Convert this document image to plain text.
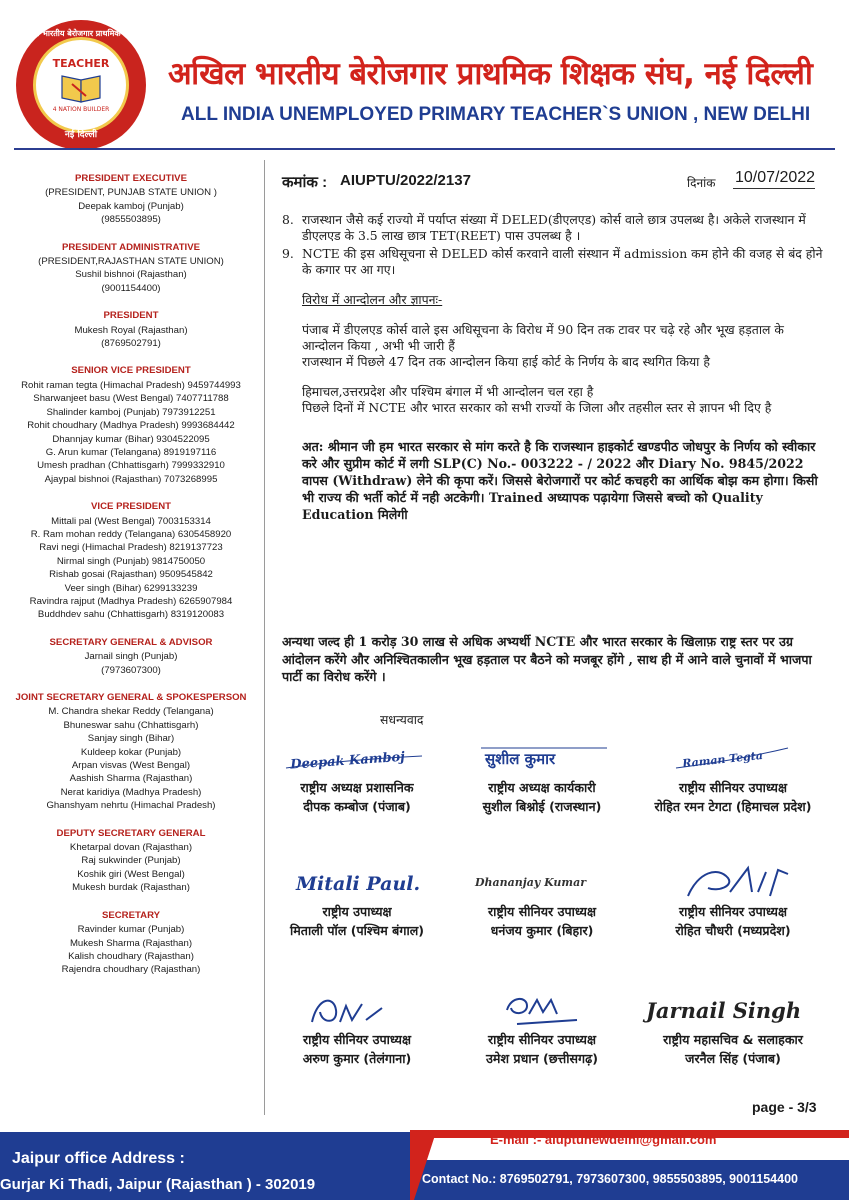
अखिल भारतीय बेरोजगार प्राथमिक शिक्षक संघ
TEACHER
4 NATION BUILDER
नई दिल्ली
अखिल भारतीय बेरोजगार प्राथमिक शिक्षक संघ, नई दिल्ली
ALL INDIA UNEMPLOYED PRIMARY TEACHER`S UNION , NEW DELHI
PRESIDENT EXECUTIVE
(PRESIDENT, PUNJAB STATE UNION )
Deepak kamboj (Punjab)
(9855503895)
PRESIDENT ADMINISTRATIVE
(PRESIDENT,RAJASTHAN STATE UNION)
Sushil bishnoi (Rajasthan)
(9001154400)
PRESIDENT
Mukesh Royal (Rajasthan)
(8769502791)
SENIOR VICE PRESIDENT
Rohit raman tegta (Himachal Pradesh) 9459744993
Sharwanjeet basu (West Bengal) 7407711788
Shalinder kamboj (Punjab) 7973912251
Rohit choudhary (Madhya Pradesh) 9993684442
Dhannjay kumar (Bihar) 9304522095
G. Arun kumar (Telangana) 8919197116
Umesh pradhan (Chhattisgarh) 7999332910
Ajaypal bishnoi (Rajasthan) 7073268995
VICE PRESIDENT
Mittali pal (West Bengal) 7003153314
R. Ram mohan reddy (Telangana) 6305458920
Ravi negi (Himachal Pradesh) 8219137723
Nirmal singh (Punjab) 9814750050
Rishab gosai (Rajasthan) 9509545842
Veer singh (Bihar) 6299133239
Ravindra rajput (Madhya Pradesh) 6265907984
Buddhdev sahu (Chhattisgarh) 8319120083
SECRETARY GENERAL & ADVISOR
Jarnail singh (Punjab)
(7973607300)
JOINT SECRETARY GENERAL & SPOKESPERSON
M. Chandra shekar Reddy (Telangana)
Bhuneswar sahu (Chhattisgarh)
Sanjay singh (Bihar)
Kuldeep kokar (Punjab)
Arpan visvas (West Bengal)
Aashish Sharma (Rajasthan)
Nerat karidiya (Madhya Pradesh)
Ghanshyam nehrtu (Himachal Pradesh)
DEPUTY SECRETARY GENERAL
Khetarpal dovan (Rajasthan)
Raj sukwinder (Punjab)
Koshik giri (West Bengal)
Mukesh burdak (Rajasthan)
SECRETARY
Ravinder kumar (Punjab)
Mukesh Sharma (Rajasthan)
Kalish choudhary (Rajasthan)
Rajendra choudhary (Rajasthan)
कमांक : AIUPTU/2022/2137	दिनांक 10/07/2022
8. राजस्थान जैसे कई राज्यो में पर्याप्त संख्या में DELED(डीएलएड) कोर्स वाले छात्र उपलब्ध है। अकेले राजस्थान में डीएलएड के 3.5 लाख छात्र TET(REET) पास उपलब्ध है ।
9. NCTE की इस अधिसूचना से DELED कोर्स करवाने वाली संस्थान में admission कम होने की वजह से बंद होने के कगार पर आ गए।
विरोध में आन्दोलन और ज्ञापनः-
पंजाब में डीएलएड कोर्स वाले इस अधिसूचना के विरोध में 90 दिन तक टावर पर चढ़े रहे और भूख हड़ताल के आन्दोलन किया , अभी भी जारी हैं
राजस्थान में पिछले 47 दिन तक आन्दोलन किया हाई कोर्ट के निर्णय के बाद स्थगित किया है
हिमाचल,उत्तरप्रदेश और पश्चिम बंगाल में भी आन्दोलन चल रहा है
पिछले दिनों में NCTE और भारत सरकार को सभी राज्यों के जिला और तहसील स्तर से ज्ञापन भी दिए है
अत: श्रीमान जी हम भारत सरकार से मांग करते है कि राजस्थान हाइकोर्ट खण्डपीठ जोधपुर के निर्णय को स्वीकार करे और सुप्रीम कोर्ट में लगी SLP(C) No.- 003222 - / 2022 और Diary No. 9845/2022 वापस (Withdraw) लेने की कृपा करें। जिससे बेरोजगारों पर कोर्ट कचहरी का आर्थिक बोझ कम होगा। किसी भी राज्य की भर्ती कोर्ट में नही अटकेगी। Trained अध्यापक पढ़ायेगा जिससे बच्चो को Quality Education मिलेगी
अन्यथा जल्द ही 1 करोड़ 30 लाख से अधिक अभ्यर्थी NCTE और भारत सरकार के खिलाफ़ राष्ट्र स्तर पर उग्र आंदोलन करेंगे और अनिश्चितकालीन भूख हड़ताल पर बैठने को मजबूर होंगे , साथ ही में आने वाले चुनावों में भाजपा पार्टी का विरोध करेंगे ।
सधन्यवाद
Deepak Kamboj
राष्ट्रीय अध्यक्ष प्रशासनिक
दीपक कम्बोज (पंजाब)
सुशील कुमार
राष्ट्रीय अध्यक्ष कार्यकारी
सुशील बिश्नोई (राजस्थान)
Raman Tegta
राष्ट्रीय सीनियर उपाध्यक्ष
रोहित रमन टेगटा (हिमाचल प्रदेश)
Mitali Paul.
राष्ट्रीय उपाध्यक्ष
मिताली पॉल (पश्चिम बंगाल)
Dhananjay Kumar
राष्ट्रीय सीनियर उपाध्यक्ष
धनंजय कुमार (बिहार)
राष्ट्रीय सीनियर उपाध्यक्ष
रोहित चौधरी (मध्यप्रदेश)
राष्ट्रीय सीनियर उपाध्यक्ष
अरुण कुमार (तेलंगाना)
राष्ट्रीय सीनियर उपाध्यक्ष
उमेश प्रधान (छत्तीसगढ़)
Jarnail Singh
राष्ट्रीय महासचिव & सलाहकार
जरनैल सिंह (पंजाब)
page - 3/3
E-mail :- aiuptunewdelhi@gmail.com
Contact No.: 8769502791, 7973607300, 9855503895, 9001154400
Jaipur office Address :
Gurjar Ki Thadi, Jaipur (Rajasthan ) - 302019
